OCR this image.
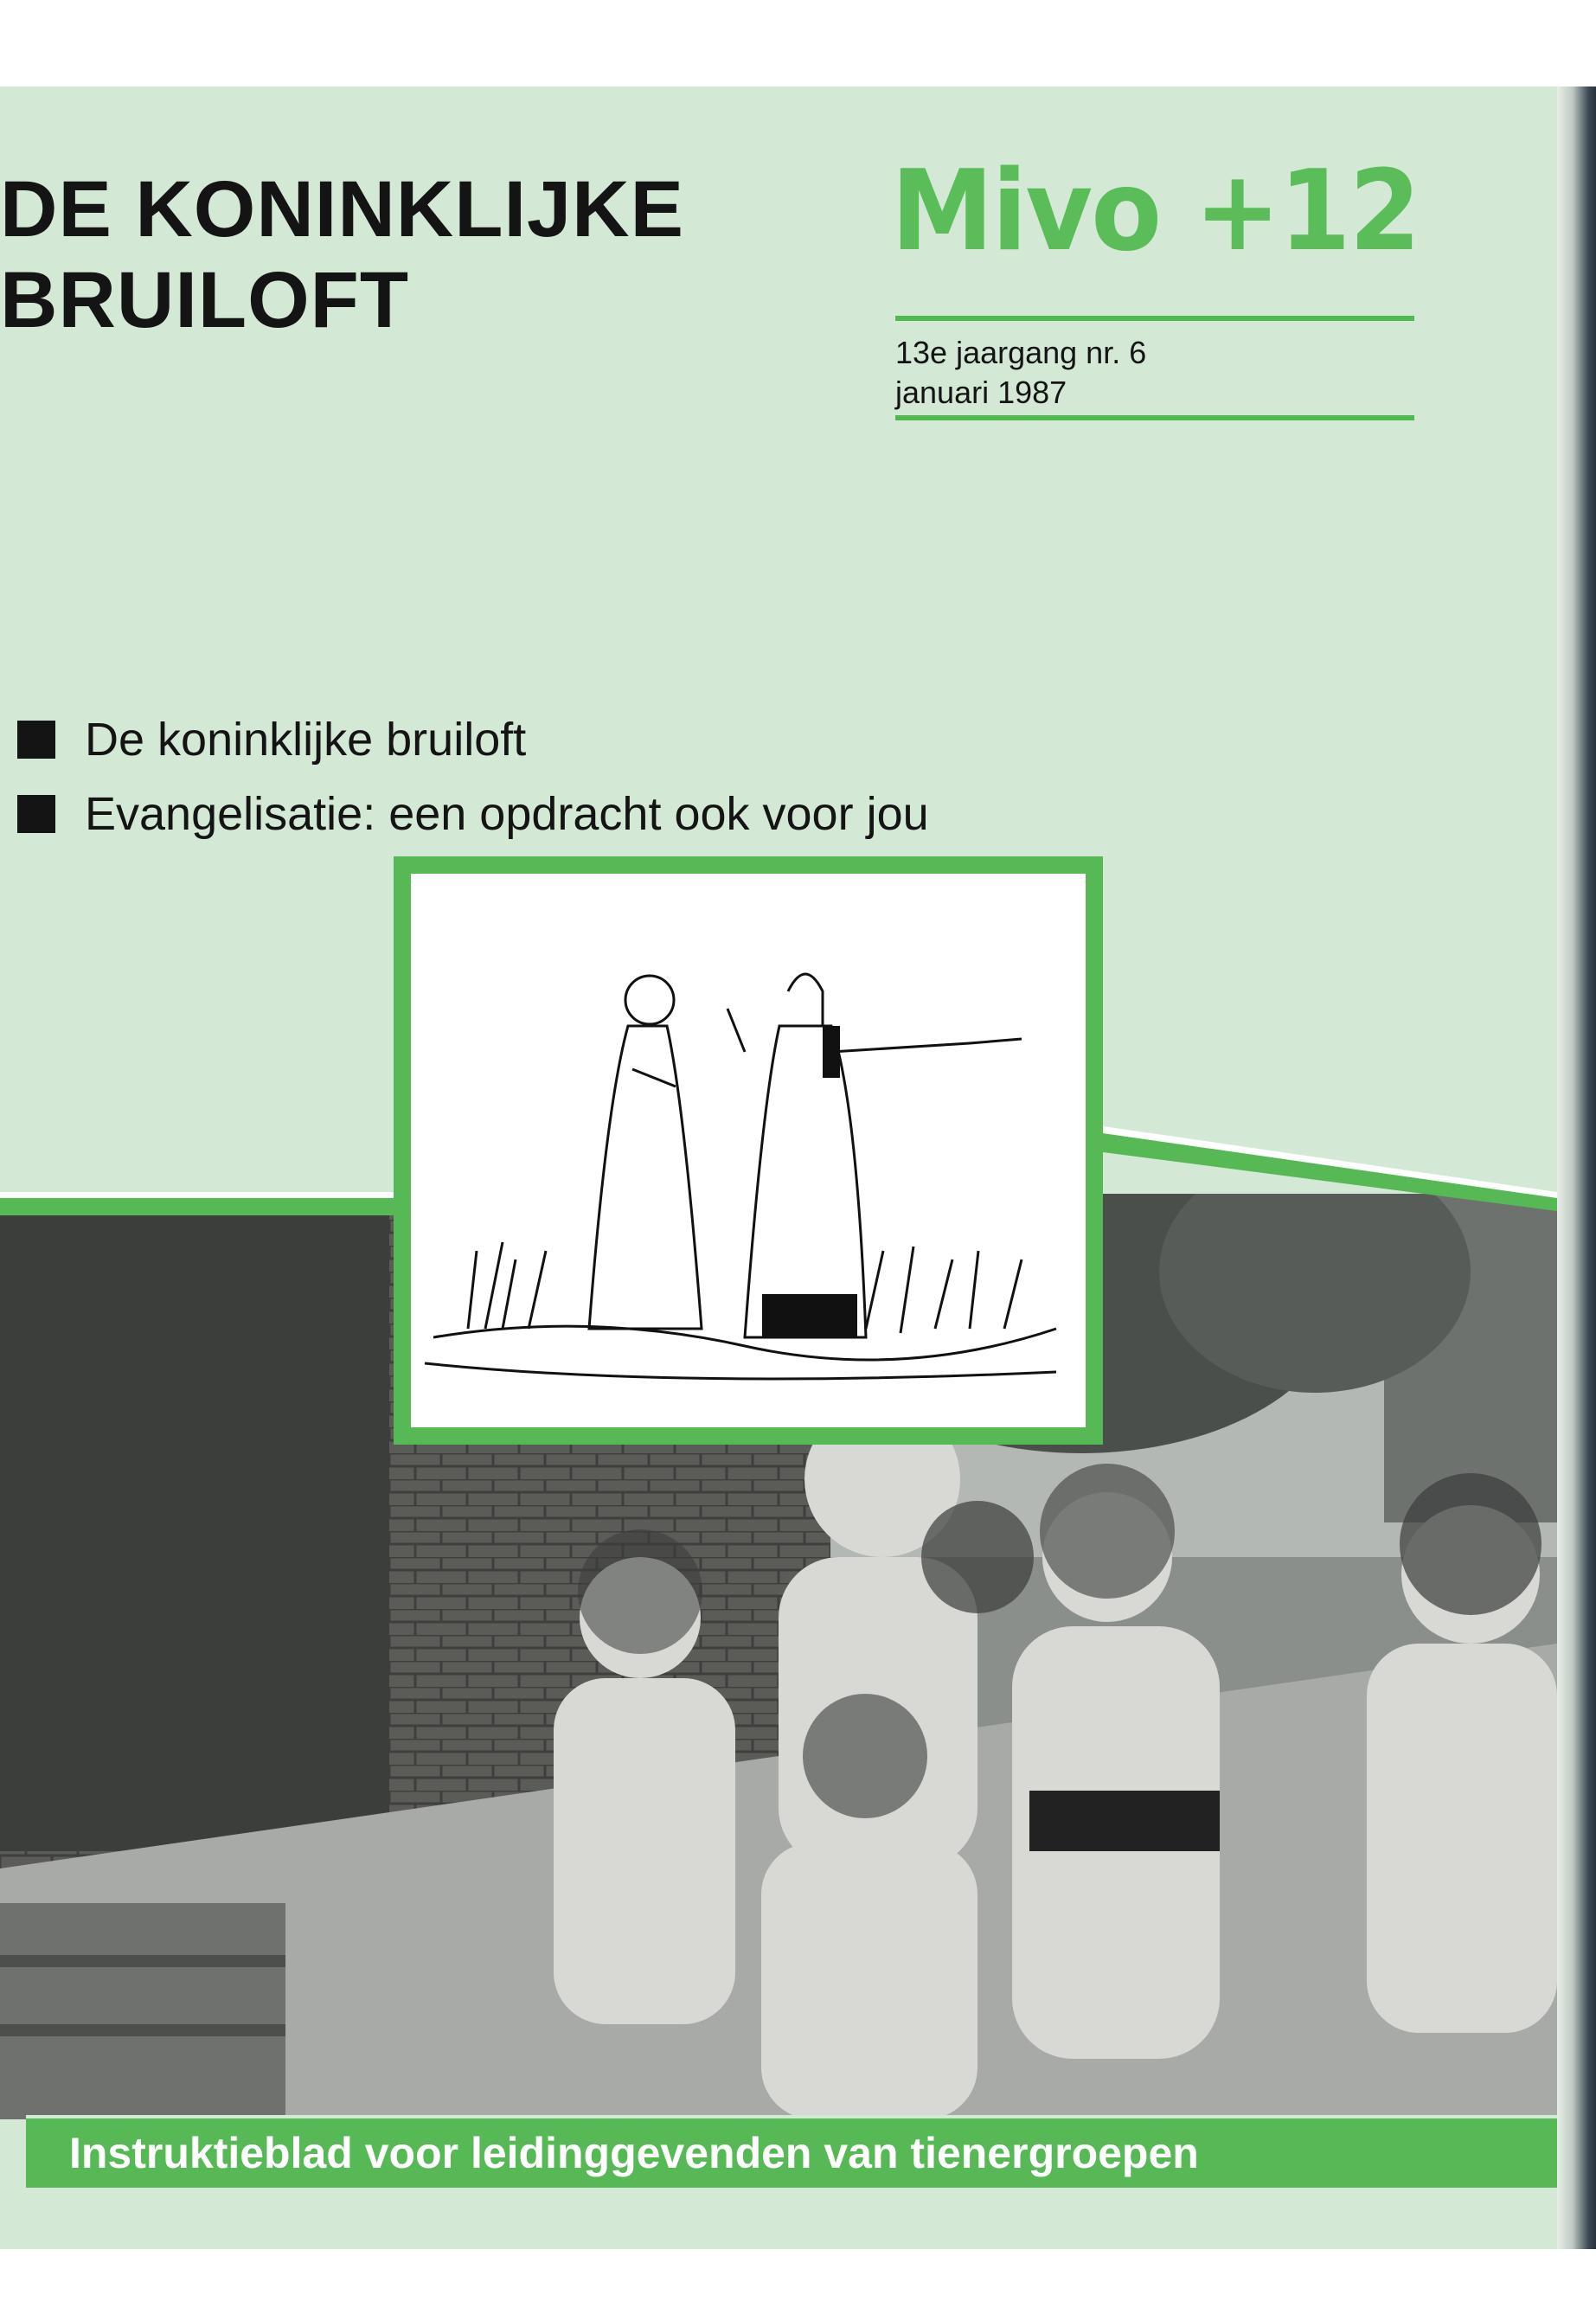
DE KONINKLIJKE
BRUILOFT
Mivo +12
13e jaargang nr. 6
januari 1987
De koninklijke bruiloft
Evangelisatie: een opdracht ook voor jou
Instruktieblad voor leidinggevenden van tienergroepen
